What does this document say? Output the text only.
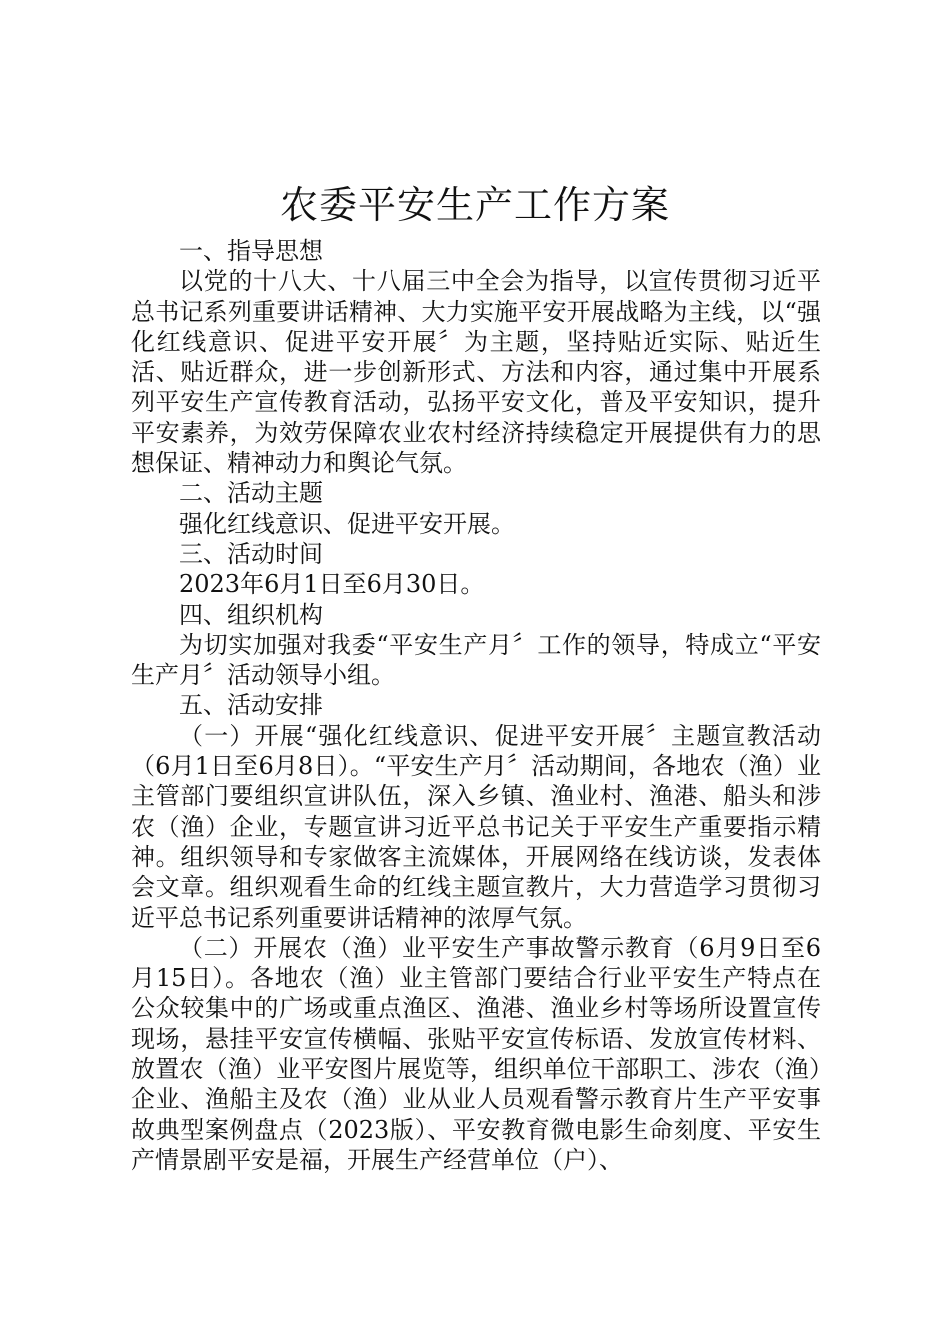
农委平安生产工作方案

一、指导思想

以党的十八大、十八届三中全会为指导，以宣传贯彻习近平总书记系列重要讲话精神、大力实施平安开展战略为主线，以“强化红线意识、促进平安开展〞为主题，坚持贴近实际、贴近生活、贴近群众，进一步创新形式、方法和内容，通过集中开展系列平安生产宣传教育活动，弘扬平安文化，普及平安知识，提升平安素养，为效劳保障农业农村经济持续稳定开展提供有力的思想保证、精神动力和舆论气氛。

二、活动主题

强化红线意识、促进平安开展。

三、活动时间

2023年6月1日至6月30日。

四、组织机构

为切实加强对我委“平安生产月〞工作的领导，特成立“平安生产月〞活动领导小组。

五、活动安排

（一）开展“强化红线意识、促进平安开展〞主题宣教活动（6月1日至6月8日）。“平安生产月〞活动期间，各地农（渔）业主管部门要组织宣讲队伍，深入乡镇、渔业村、渔港、船头和涉农（渔）企业，专题宣讲习近平总书记关于平安生产重要指示精神。组织领导和专家做客主流媒体，开展网络在线访谈，发表体会文章。组织观看生命的红线主题宣教片，大力营造学习贯彻习近平总书记系列重要讲话精神的浓厚气氛。

（二）开展农（渔）业平安生产事故警示教育（6月9日至6月15日）。各地农（渔）业主管部门要结合行业平安生产特点在公众较集中的广场或重点渔区、渔港、渔业乡村等场所设置宣传现场，悬挂平安宣传横幅、张贴平安宣传标语、发放宣传材料、放置农（渔）业平安图片展览等，组织单位干部职工、涉农（渔）企业、渔船主及农（渔）业从业人员观看警示教育片生产平安事故典型案例盘点（2023版）、平安教育微电影生命刻度、平安生产情景剧平安是福，开展生产经营单位（户）、
